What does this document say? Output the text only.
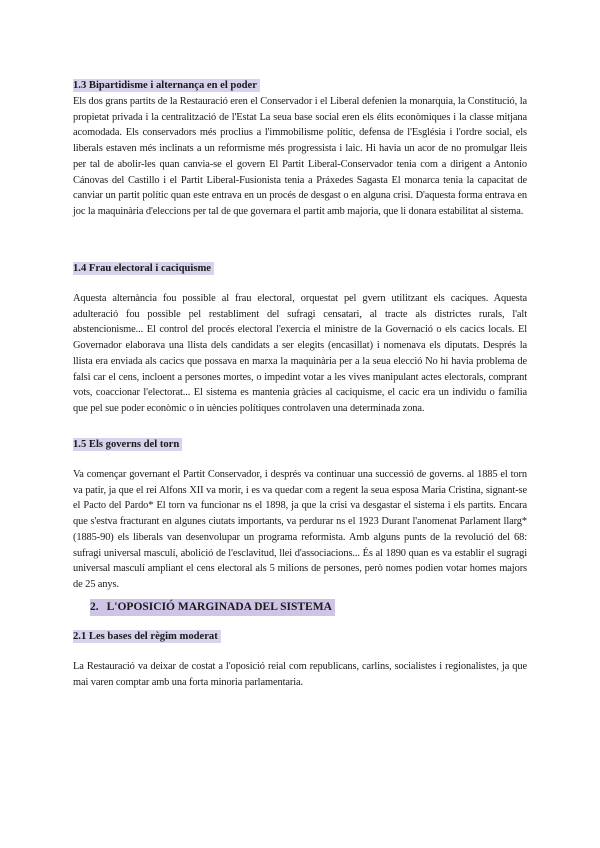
1.3 Bipartidisme i alternança en el poder
Els dos grans partits de la Restauració eren el Conservador i el Liberal defenien la monarquia, la Constitució, la propietat privada i la centralització de l'Estat La seua base social eren els élits econòmiques i la classe mitjana acomodada. Els conservadors més proclius a l'immobilisme polític, defensa de l'Església i l'ordre social, els liberals estaven més inclinats a un reformisme més progressista i laic. Hi havia un acor de no promulgar lleis per tal de abolir-les quan canvia-se el govern El Partit Liberal-Conservador tenia com a dirigent a Antonio Cánovas del Castillo i el Partit Liberal-Fusionista tenia a Práxedes Sagasta El monarca tenia la capacitat de canviar un partit polític quan este entrava en un procés de desgast o en alguna crisi. D'aquesta forma entrava en joc la maquinària d'eleccions per tal de que governara el partit amb majoria, que li donara estabilitat al sistema.
1.4 Frau electoral i caciquisme
Aquesta alternància fou possible al frau electoral, orquestat pel gvern utilitzant els caciques. Aquesta adulteració fou possible pel restabliment del sufragi censatari, al tracte als districtes rurals, l'alt abstencionisme... El control del procés electoral l'exercia el ministre de la Governació o els cacics locals. El Governador elaborava una llista dels candidats a ser elegits (encasillat) i nomenava els diputats. Després la llista era enviada als cacics que possava en marxa la maquinària per a la seua elecció No hi havia problema de falsi car el cens, incloent a persones mortes, o impedint votar a les vives manipulant actes electorals, comprant vots, coaccionar l'electorat... El sistema es mantenia gràcies al caciquisme, el cacic era un individu o família que pel sue poder econòmic o in uències polítiques controlaven una determinada zona.
1.5 Els governs del torn
Va començar governant el Partit Conservador, i després va continuar una successió de governs. al 1885 el torn va patir, ja que el rei Alfons XII va morir, i es va quedar com a regent la seua esposa Maria Cristina, signant-se el Pacto del Pardo* El torn va funcionar ns el 1898, ja que la crisi va desgastar el sistema i els partits. Encara que s'estva fracturant en algunes ciutats importants, va perdurar ns el 1923 Durant l'anomenat Parlament llarg* (1885-90) els liberals van desenvolupar un programa reformista. Amb alguns punts de la revolució del 68: sufragi universal masculí, abolició de l'esclavitud, llei d'associacions... És al 1890 quan es va establir el sugragi universal masculí ampliant el cens electoral als 5 milions de persones, però nomes podien votar homes majors de 25 anys.
2. L'OPOSICIÓ MARGINADA DEL SISTEMA
2.1 Les bases del règim moderat
La Restauració va deixar de costat a l'oposició reial com republicans, carlins, socialistes i regionalistes, ja que mai varen comptar amb una forta minoria parlamentaria.
